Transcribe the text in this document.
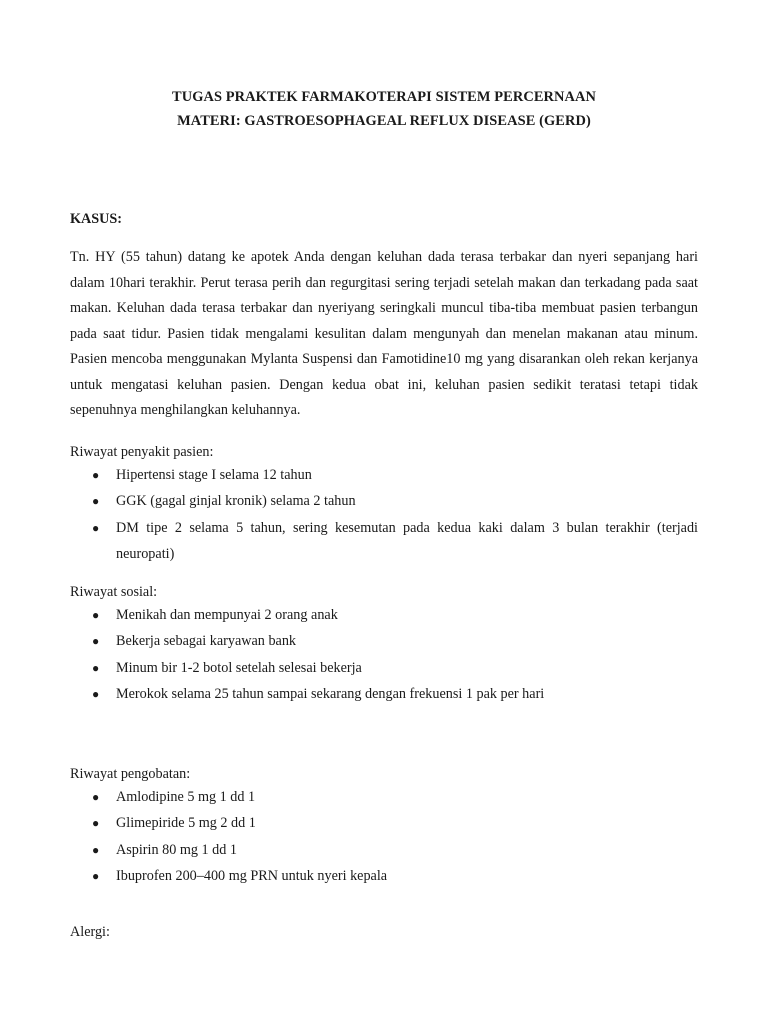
TUGAS PRAKTEK FARMAKOTERAPI SISTEM PERCERNAAN
MATERI: GASTROESOPHAGEAL REFLUX DISEASE (GERD)
KASUS:
Tn. HY (55 tahun) datang ke apotek Anda dengan keluhan dada terasa terbakar dan nyeri sepanjang hari dalam 10hari terakhir. Perut terasa perih dan regurgitasi sering terjadi setelah makan dan terkadang pada saat makan. Keluhan dada terasa terbakar dan nyeriyang seringkali muncul tiba-tiba membuat pasien terbangun pada saat tidur. Pasien tidak mengalami kesulitan dalam mengunyah dan menelan makanan atau minum. Pasien mencoba menggunakan Mylanta Suspensi dan Famotidine10 mg yang disarankan oleh rekan kerjanya untuk mengatasi keluhan pasien. Dengan kedua obat ini, keluhan pasien sedikit teratasi tetapi tidak sepenuhnya menghilangkan keluhannya.
Riwayat penyakit pasien:
● Hipertensi stage I selama 12 tahun
● GGK (gagal ginjal kronik) selama 2 tahun
● DM tipe 2 selama 5 tahun, sering kesemutan pada kedua kaki dalam 3 bulan terakhir (terjadi neuropati)
Riwayat sosial:
● Menikah dan mempunyai 2 orang anak
● Bekerja sebagai karyawan bank
● Minum bir 1-2 botol setelah selesai bekerja
● Merokok selama 25 tahun sampai sekarang dengan frekuensi 1 pak per hari
Riwayat pengobatan:
● Amlodipine 5 mg 1 dd 1
● Glimepiride 5 mg 2 dd 1
● Aspirin 80 mg 1 dd 1
● Ibuprofen 200–400 mg PRN untuk nyeri kepala
Alergi:
